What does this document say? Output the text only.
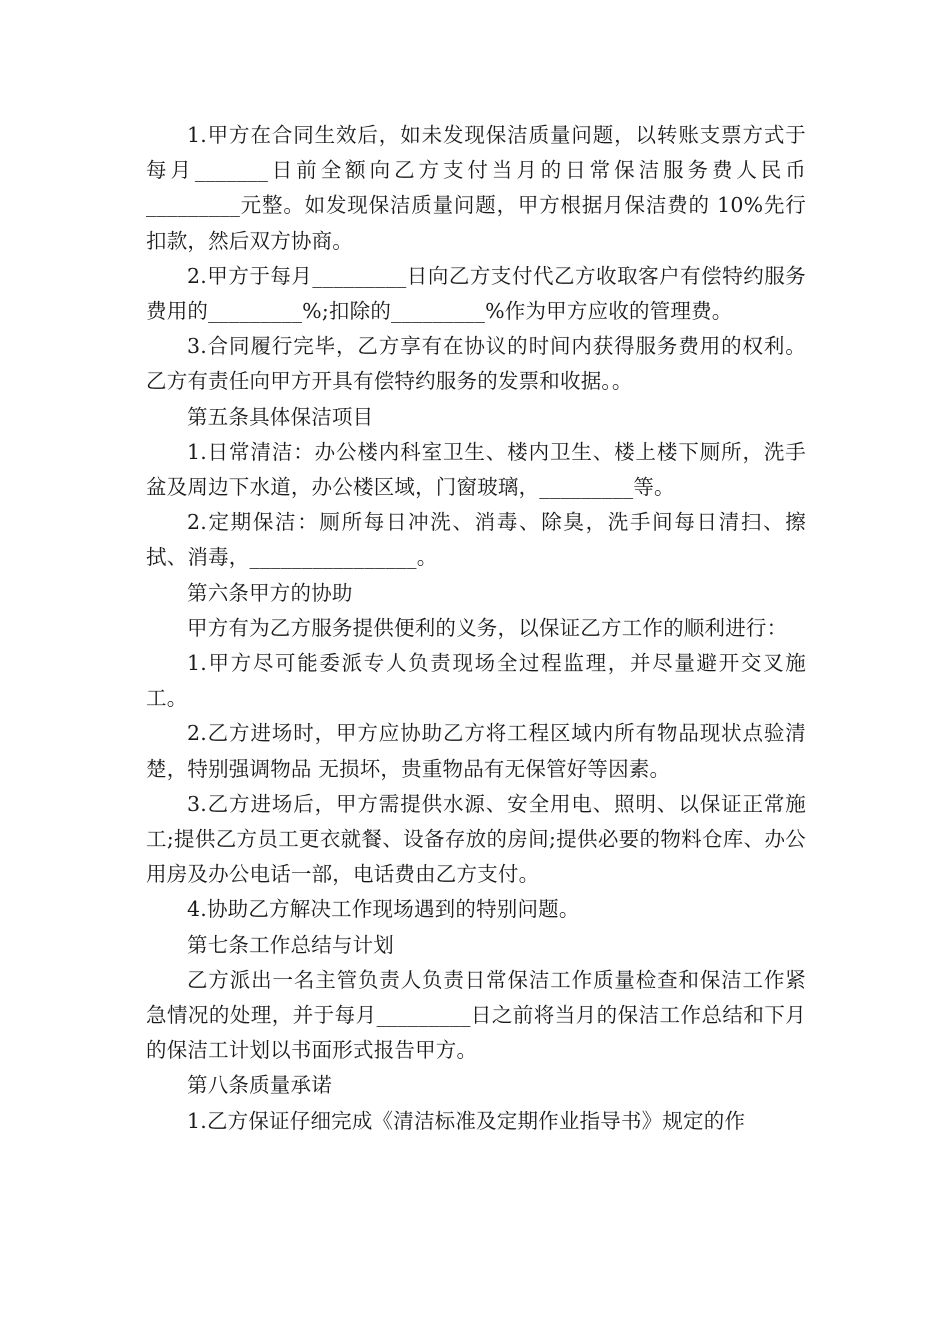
1.甲方在合同生效后，如未发现保洁质量问题，以转账支票方式于每月_______日前全额向乙方支付当月的日常保洁服务费人民币_________元整。如发现保洁质量问题，甲方根据月保洁费的 10%先行扣款，然后双方协商。

2.甲方于每月_________日向乙方支付代乙方收取客户有偿特约服务费用的_________%;扣除的_________%作为甲方应收的管理费。

3.合同履行完毕，乙方享有在协议的时间内获得服务费用的权利。乙方有责任向甲方开具有偿特约服务的发票和收据。。

第五条具体保洁项目

1.日常清洁：办公楼内科室卫生、楼内卫生、楼上楼下厕所，洗手盆及周边下水道，办公楼区域，门窗玻璃，_________等。

2.定期保洁：厕所每日冲洗、消毒、除臭，洗手间每日清扫、擦拭、消毒，________________。

第六条甲方的协助

甲方有为乙方服务提供便利的义务，以保证乙方工作的顺利进行：

1.甲方尽可能委派专人负责现场全过程监理，并尽量避开交叉施工。

2.乙方进场时，甲方应协助乙方将工程区域内所有物品现状点验清楚，特别强调物品 无损坏，贵重物品有无保管好等因素。

3.乙方进场后，甲方需提供水源、安全用电、照明、以保证正常施工;提供乙方员工更衣就餐、设备存放的房间;提供必要的物料仓库、办公用房及办公电话一部，电话费由乙方支付。

4.协助乙方解决工作现场遇到的特别问题。

第七条工作总结与计划

乙方派出一名主管负责人负责日常保洁工作质量检查和保洁工作紧急情况的处理，并于每月_________日之前将当月的保洁工作总结和下月的保洁工计划以书面形式报告甲方。

第八条质量承诺

1.乙方保证仔细完成《清洁标准及定期作业指导书》规定的作
